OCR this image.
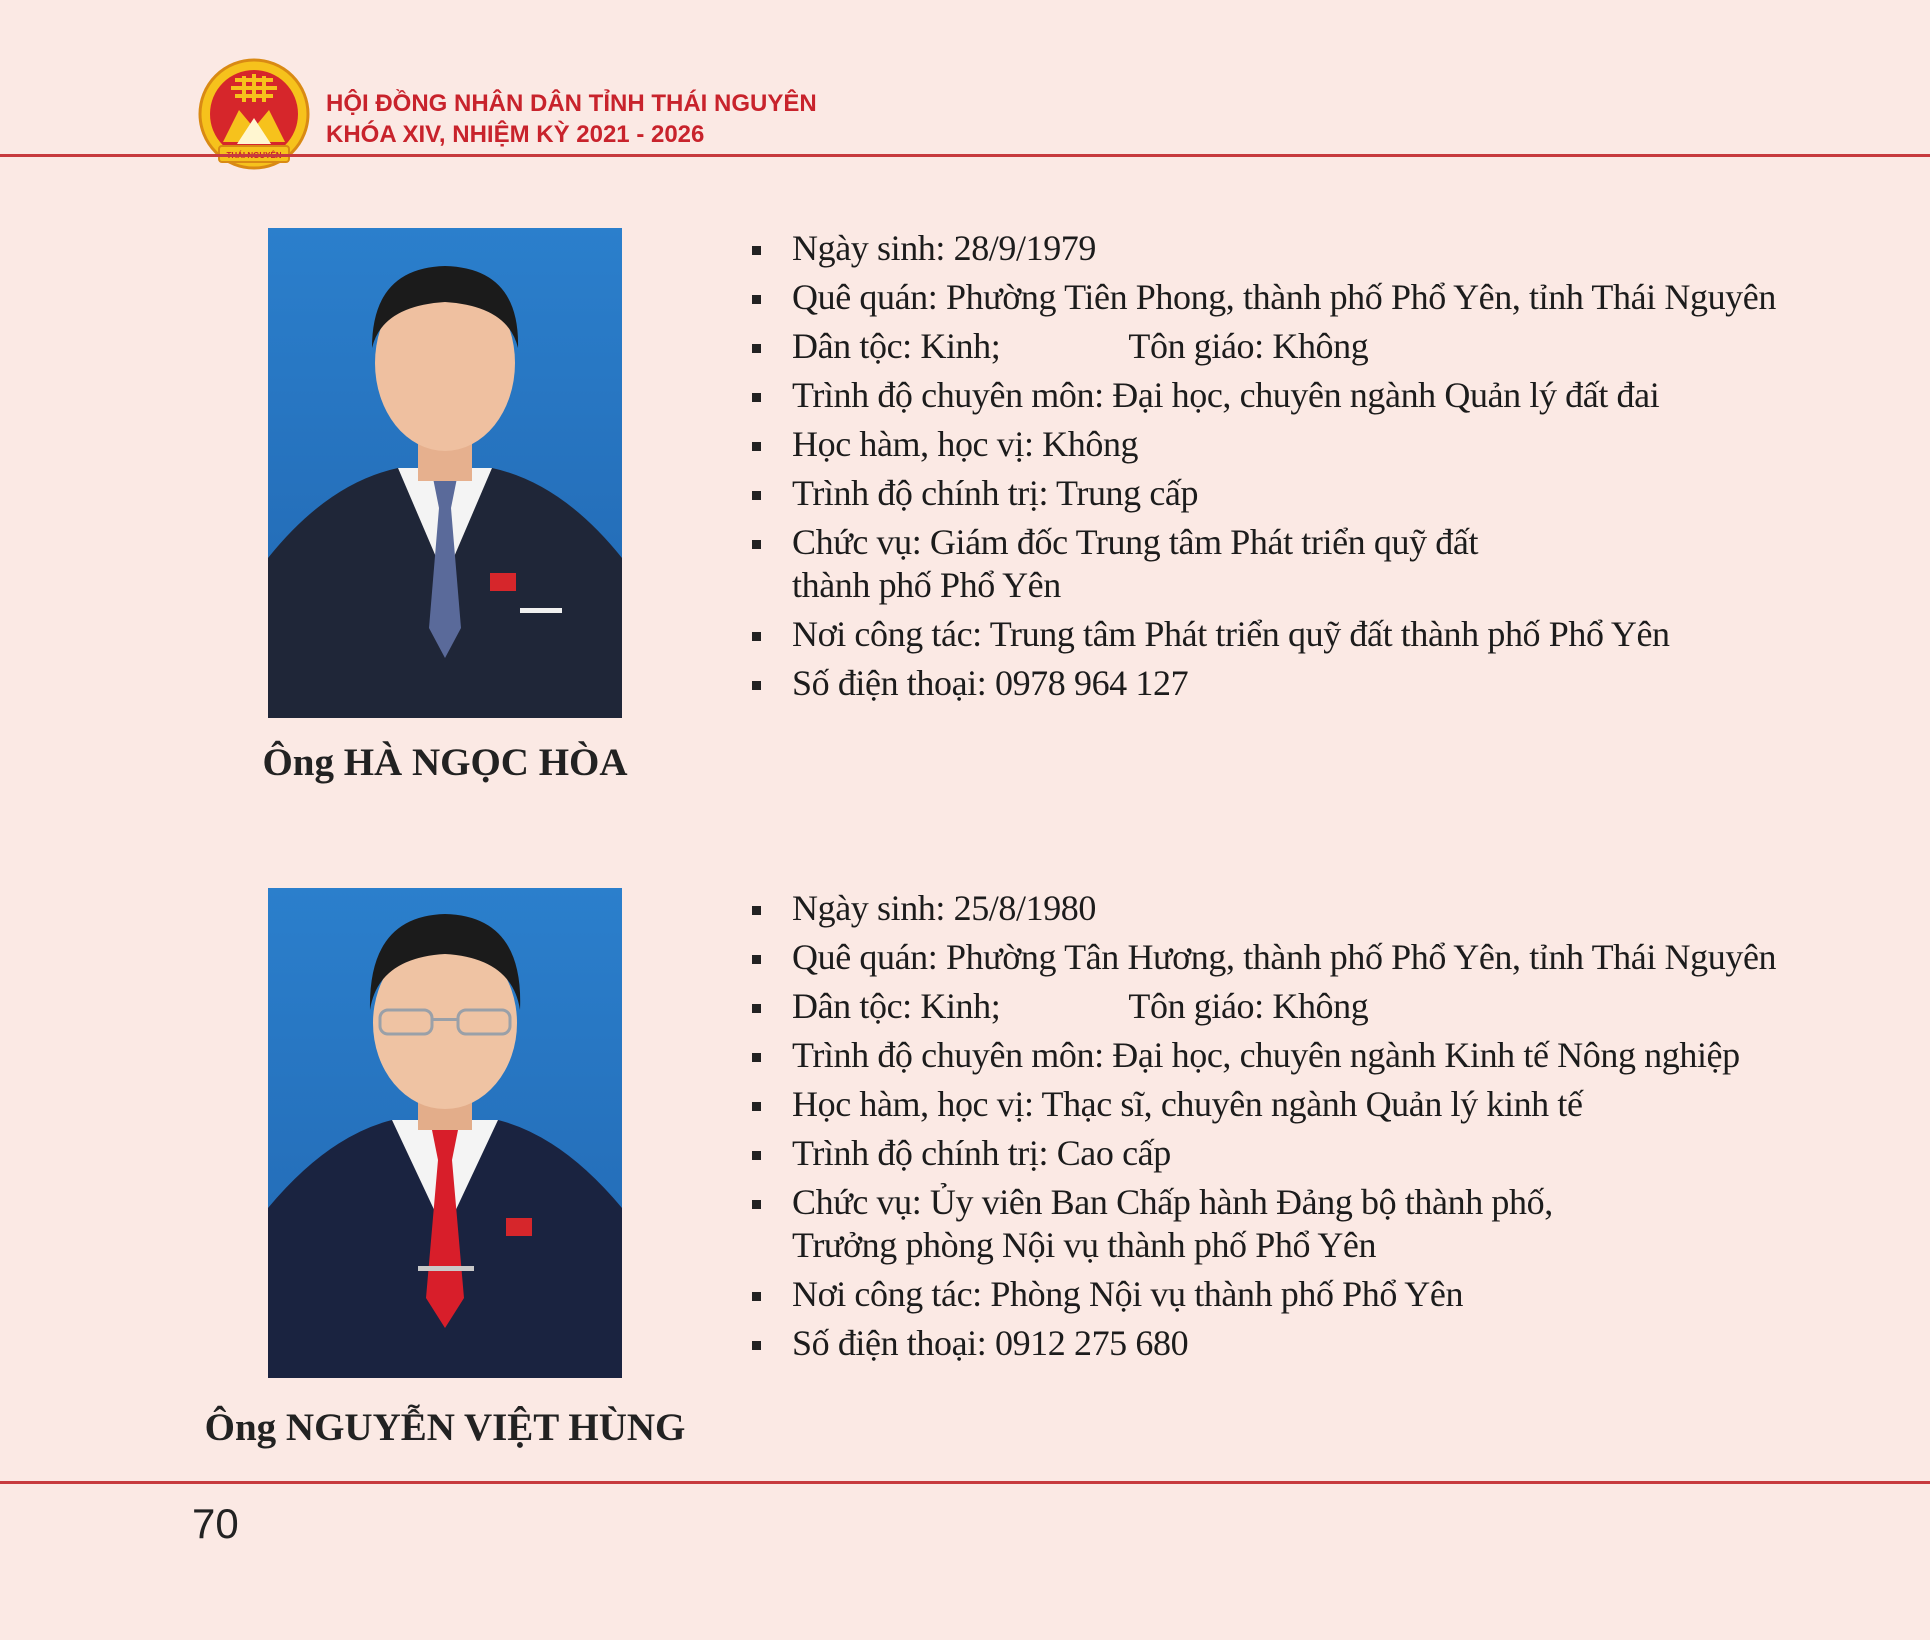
HỘI ĐỒNG NHÂN DÂN TỈNH THÁI NGUYÊN
KHÓA XIV, NHIỆM KỲ 2021 - 2026
Ông HÀ NGỌC HÒA
Ngày sinh: 28/9/1979
Quê quán: Phường Tiên Phong, thành phố Phổ Yên, tỉnh Thái Nguyên
Dân tộc: Kinh;	Tôn giáo: Không
Trình độ chuyên môn: Đại học, chuyên ngành Quản lý đất đai
Học hàm, học vị: Không
Trình độ chính trị: Trung cấp
Chức vụ: Giám đốc Trung tâm Phát triển quỹ đất
thành phố Phổ Yên
Nơi công tác: Trung tâm Phát triển quỹ đất thành phố Phổ Yên
Số điện thoại: 0978 964 127
Ông NGUYỄN VIỆT HÙNG
Ngày sinh: 25/8/1980
Quê quán: Phường Tân Hương, thành phố Phổ Yên, tỉnh Thái Nguyên
Dân tộc: Kinh;	Tôn giáo: Không
Trình độ chuyên môn: Đại học, chuyên ngành Kinh tế Nông nghiệp
Học hàm, học vị: Thạc sĩ, chuyên ngành Quản lý kinh tế
Trình độ chính trị: Cao cấp
Chức vụ: Ủy viên Ban Chấp hành Đảng bộ thành phố,
Trưởng phòng Nội vụ thành phố Phổ Yên
Nơi công tác: Phòng Nội vụ thành phố Phổ Yên
Số điện thoại: 0912 275 680
70
